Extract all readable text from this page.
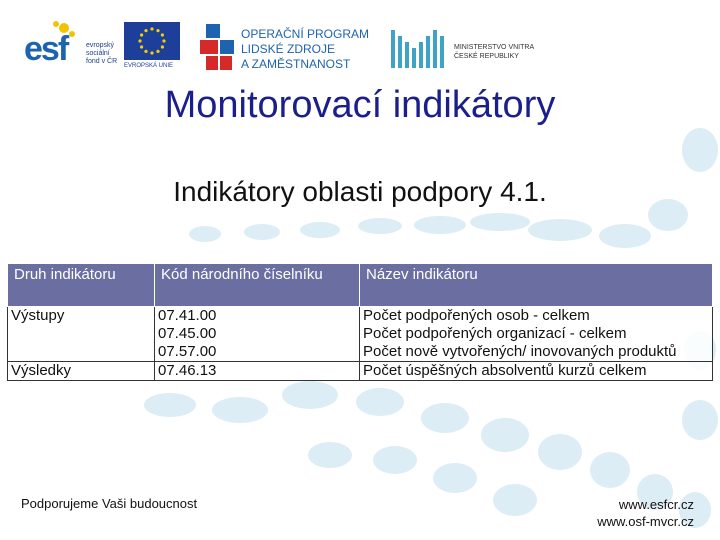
esf	evropský
sociální
fond v ČR
EVROPSKÁ UNIE
OPERAČNÍ PROGRAM
LIDSKÉ ZDROJE
A ZAMĚSTNANOST
MINISTERSTVO VNITRA
ČESKÉ REPUBLIKY
Monitorovací indikátory
Indikátory oblasti podpory 4.1.
Druh indikátoru	Kód národního číselníku	Název indikátoru
Výstupy	07.41.00	Počet podpořených osob - celkem
	07.45.00	Počet podpořených organizací - celkem
	07.57.00	Počet nově vytvořených/ inovovaných produktů
Výsledky	07.46.13	Počet úspěšných absolventů kurzů celkem
Podporujeme Vaši budoucnost	www.esfcr.cz
www.osf-mvcr.cz
